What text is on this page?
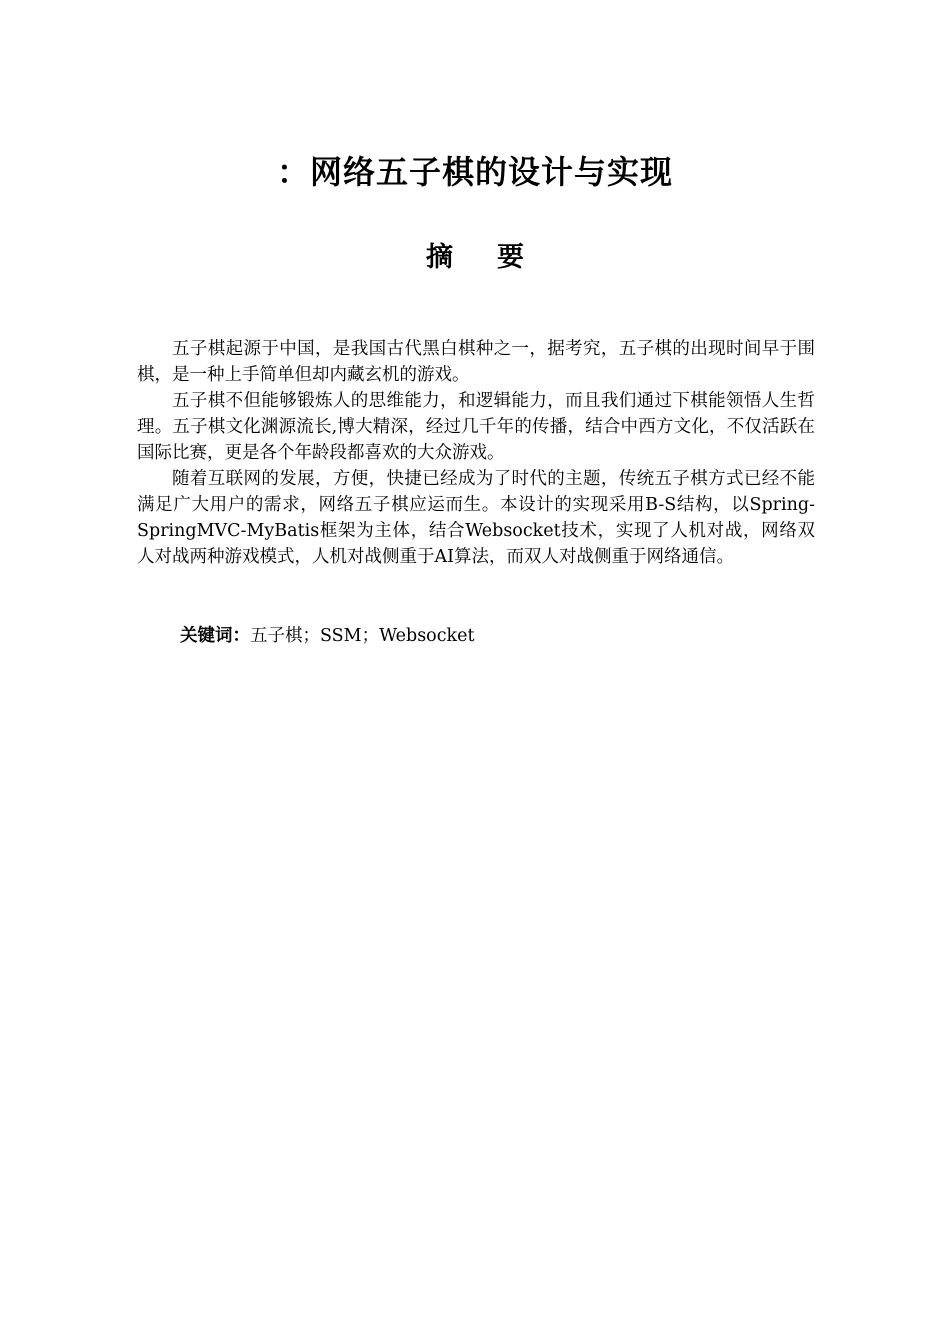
：网络五子棋的设计与实现
摘 要

五子棋起源于中国，是我国古代黑白棋种之一，据考究，五子棋的出现时间早于围棋，是一种上手简单但却内藏玄机的游戏。

五子棋不但能够锻炼人的思维能力，和逻辑能力，而且我们通过下棋能领悟人生哲理。五子棋文化渊源流长,博大精深，经过几千年的传播，结合中西方文化，不仅活跃在国际比赛，更是各个年龄段都喜欢的大众游戏。

随着互联网的发展，方便，快捷已经成为了时代的主题，传统五子棋方式已经不能满足广大用户的需求，网络五子棋应运而生。本设计的实现采用B-S结构，以Spring-SpringMVC-MyBatis框架为主体，结合Websocket技术，实现了人机对战，网络双人对战两种游戏模式，人机对战侧重于AI算法，而双人对战侧重于网络通信。

关键词：五子棋；SSM；Websocket
